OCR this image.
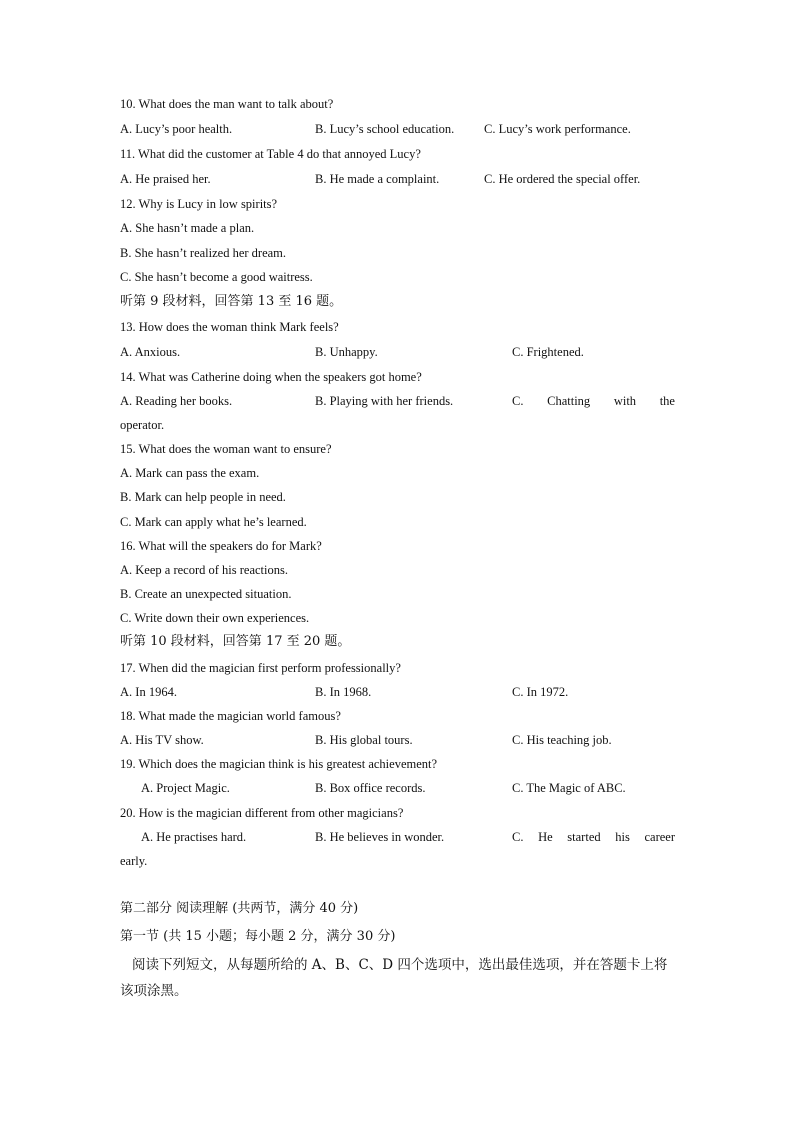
10. What does the man want to talk about?
A. Lucy’s poor health.	B. Lucy’s school education. C. Lucy’s work performance.
11. What did the customer at Table 4 do that annoyed Lucy?
A. He praised her.	B. He made a complaint.	C. He ordered the special offer.
12. Why is Lucy in low spirits?
A. She hasn’t made a plan.
B. She hasn’t realized her dream.
C. She hasn’t become a good waitress.
听第 9 段材料，回答第 13 至 16 题。
13. How does the woman think Mark feels?
A. Anxious.	B. Unhappy.	C. Frightened.
14. What was Catherine doing when the speakers got home?
A. Reading her books.	B. Playing with her friends.	C. Chatting with the
operator.
15. What does the woman want to ensure?
A. Mark can pass the exam.
B. Mark can help people in need.
C. Mark can apply what he’s learned.
16. What will the speakers do for Mark?
A. Keep a record of his reactions.
B. Create an unexpected situation.
C. Write down their own experiences.
听第 10 段材料，回答第 17 至 20 题。
17. When did the magician first perform professionally?
A. In 1964.	B. In 1968.	C. In 1972.
18. What made the magician world famous?
A. His TV show.	B. His global tours.	C. His teaching job.
19. Which does the magician think is his greatest achievement?
A. Project Magic.	B. Box office records.	C. The Magic of ABC.
20. How is the magician different from other magicians?
A. He practises hard.	B. He believes in wonder.	C. He started his career
early.
第二部分 阅读理解 (共两节，满分 40 分)
第一节 (共 15 小题；每小题 2 分，满分 30 分)
阅读下列短文，从每题所给的 A、B、C、D 四个选项中，选出最佳选项，并在答题卡上将该项涂黑。
